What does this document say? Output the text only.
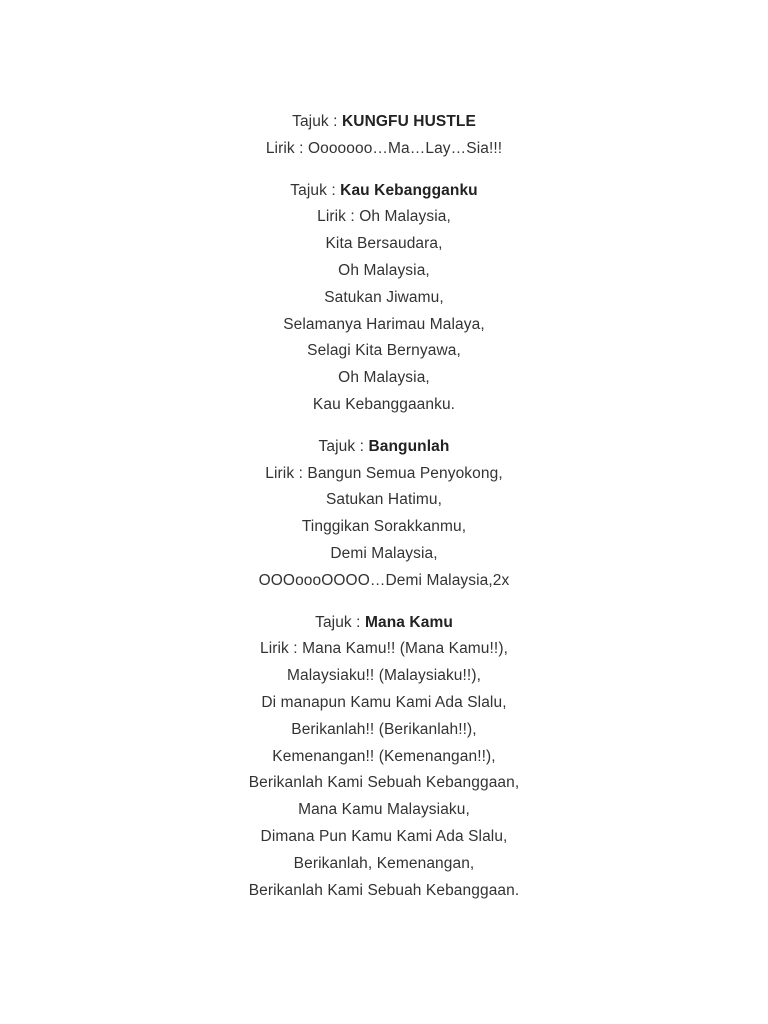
Tajuk : KUNGFU HUSTLE
Lirik : Ooooooo…Ma…Lay…Sia!!!
Tajuk : Kau Kebangganku
Lirik : Oh Malaysia,
Kita Bersaudara,
Oh Malaysia,
Satukan Jiwamu,
Selamanya Harimau Malaya,
Selagi Kita Bernyawa,
Oh Malaysia,
Kau Kebanggaanku.
Tajuk : Bangunlah
Lirik : Bangun Semua Penyokong,
Satukan Hatimu,
Tinggikan Sorakkanmu,
Demi Malaysia,
OOOoooOOOO…Demi Malaysia,2x
Tajuk : Mana Kamu
Lirik : Mana Kamu!! (Mana Kamu!!),
Malaysiaku!! (Malaysiaku!!),
Di manapun Kamu Kami Ada Slalu,
Berikanlah!! (Berikanlah!!),
Kemenangan!! (Kemenangan!!),
Berikanlah Kami Sebuah Kebanggaan,
Mana Kamu Malaysiaku,
Dimana Pun Kamu Kami Ada Slalu,
Berikanlah, Kemenangan,
Berikanlah Kami Sebuah Kebanggaan.
